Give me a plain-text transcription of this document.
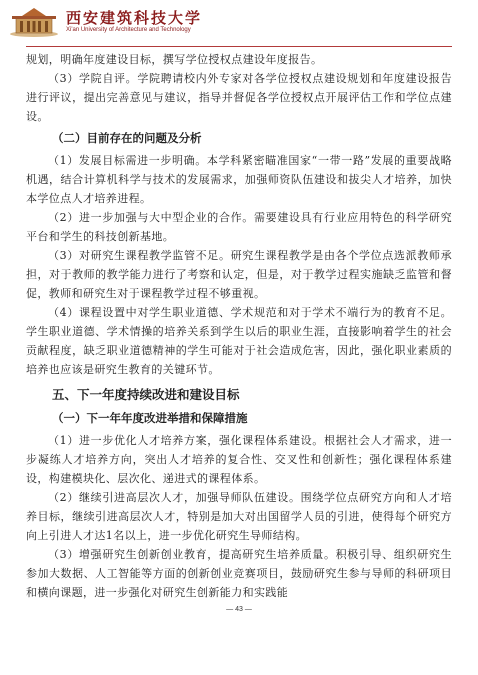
西安建筑科技大学
Xi'an University of Architecture and Technology

规划，明确年度建设目标，撰写学位授权点建设年度报告。

（3）学院自评。学院聘请校内外专家对各学位授权点建设规划和年度建设报告进行评议，提出完善意见与建议，指导并督促各学位授权点开展评估工作和学位点建设。

（二）目前存在的问题及分析

（1）发展目标需进一步明确。本学科紧密瞄准国家“一带一路”发展的重要战略机遇，结合计算机科学与技术的发展需求，加强师资队伍建设和拔尖人才培养，加快本学位点人才培养进程。

（2）进一步加强与大中型企业的合作。需要建设具有行业应用特色的科学研究平台和学生的科技创新基地。

（3）对研究生课程教学监管不足。研究生课程教学是由各个学位点选派教师承担，对于教师的教学能力进行了考察和认定，但是，对于教学过程实施缺乏监管和督促，教师和研究生对于课程教学过程不够重视。

（4）课程设置中对学生职业道德、学术规范和对于学术不端行为的教育不足。学生职业道德、学术情操的培养关系到学生以后的职业生涯，直接影响着学生的社会贡献程度，缺乏职业道德精神的学生可能对于社会造成危害，因此，强化职业素质的培养也应该是研究生教育的关键环节。

五、下一年度持续改进和建设目标
（一）下一年年度改进举措和保障措施

（1）进一步优化人才培养方案，强化课程体系建设。根据社会人才需求，进一步凝练人才培养方向，突出人才培养的复合性、交叉性和创新性；强化课程体系建设，构建模块化、层次化、递进式的课程体系。

（2）继续引进高层次人才，加强导师队伍建设。围绕学位点研究方向和人才培养目标，继续引进高层次人才，特别是加大对出国留学人员的引进，使得每个研究方向上引进人才达1名以上，进一步优化研究生导师结构。

（3）增强研究生创新创业教育，提高研究生培养质量。积极引导、组织研究生参加大数据、人工智能等方面的创新创业竞赛项目，鼓励研究生参与导师的科研项目和横向课题，进一步强化对研究生创新能力和实践能

— 43 —
